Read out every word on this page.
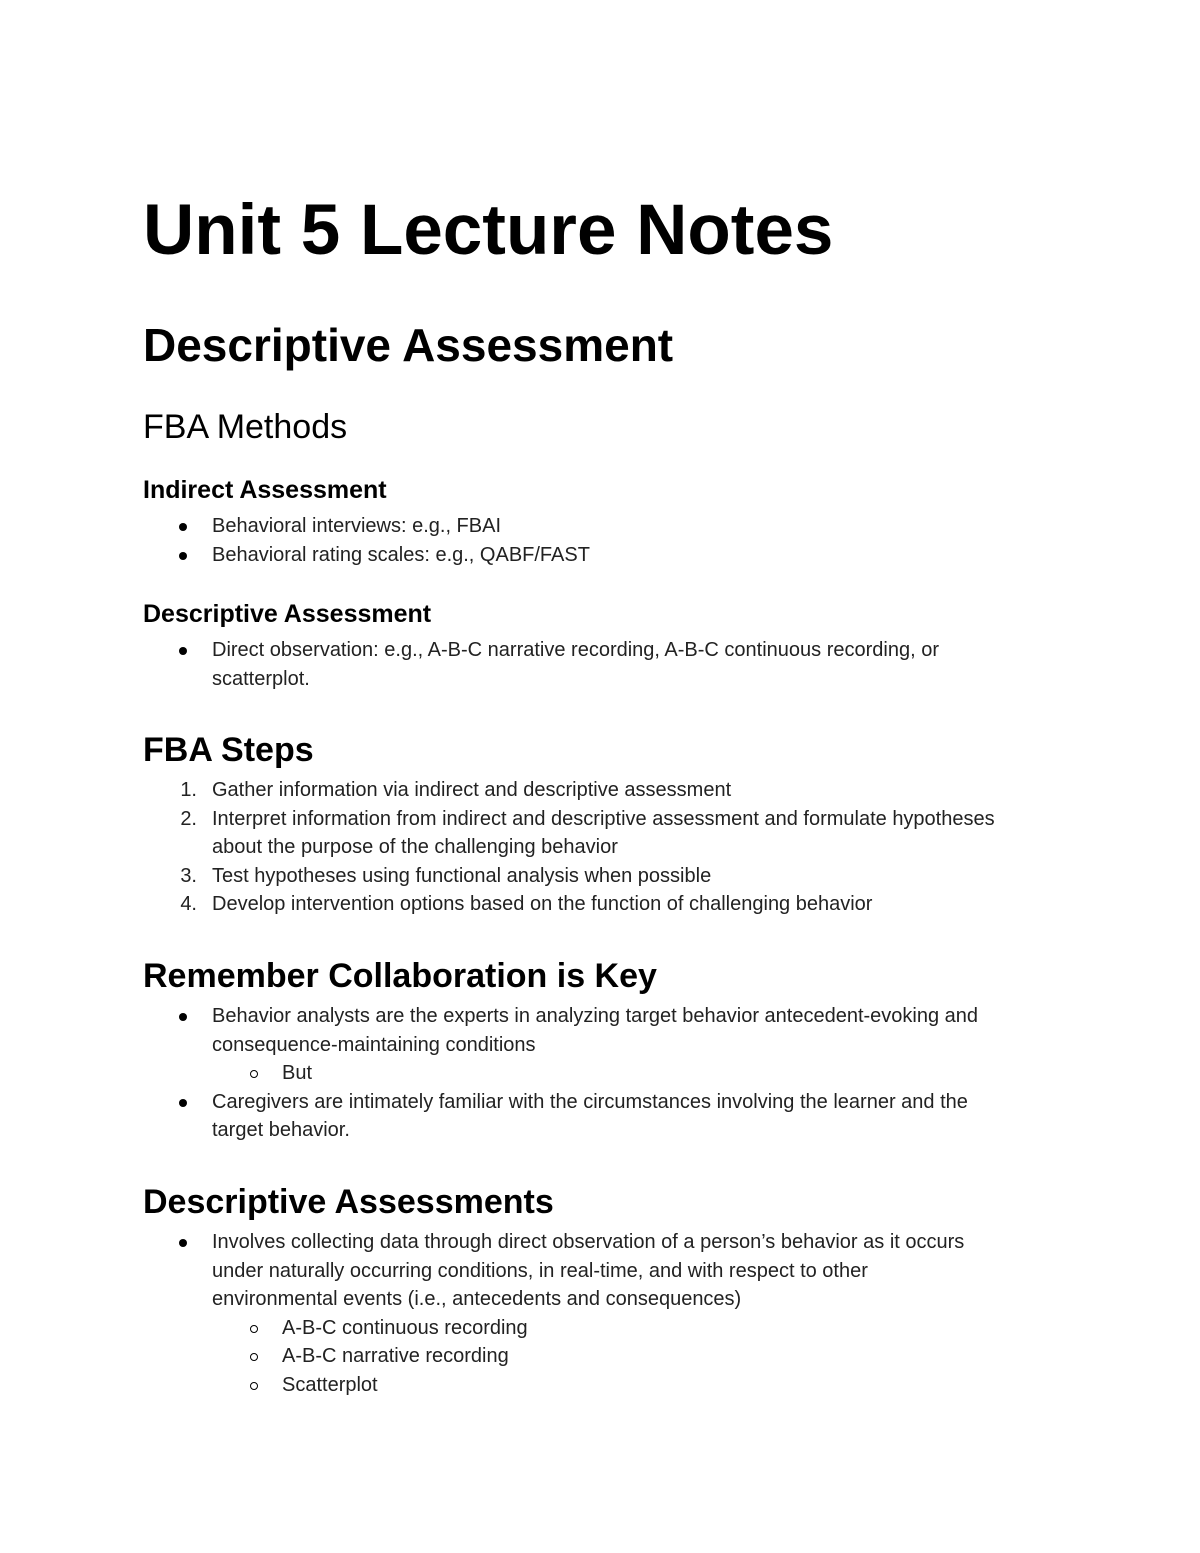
Unit 5 Lecture Notes
Descriptive Assessment
FBA Methods
Indirect Assessment
Behavioral interviews: e.g., FBAI
Behavioral rating scales: e.g., QABF/FAST
Descriptive Assessment
Direct observation: e.g., A-B-C narrative recording, A-B-C continuous recording, or
scatterplot.
FBA Steps
1. Gather information via indirect and descriptive assessment
2. Interpret information from indirect and descriptive assessment and formulate hypotheses
about the purpose of the challenging behavior
3. Test hypotheses using functional analysis when possible
4. Develop intervention options based on the function of challenging behavior
Remember Collaboration is Key
Behavior analysts are the experts in analyzing target behavior antecedent-evoking and
consequence-maintaining conditions
But
Caregivers are intimately familiar with the circumstances involving the learner and the
target behavior.
Descriptive Assessments
Involves collecting data through direct observation of a person’s behavior as it occurs
under naturally occurring conditions, in real-time, and with respect to other
environmental events (i.e., antecedents and consequences)
A-B-C continuous recording
A-B-C narrative recording
Scatterplot
